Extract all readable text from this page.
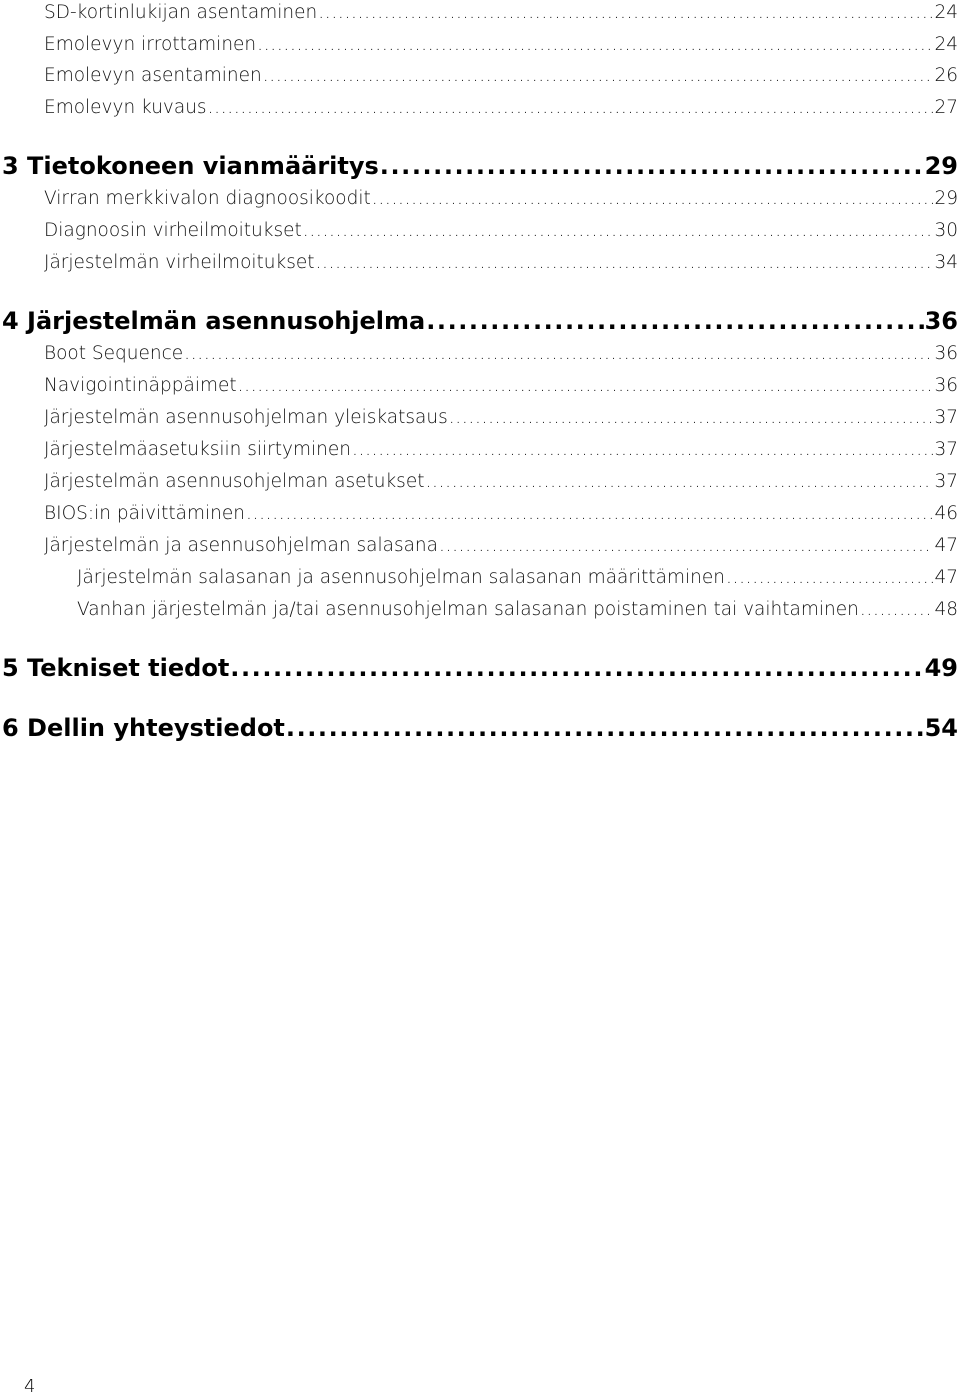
SD-kortinlukijan asentaminen . . .	24
Emolevyn irrottaminen . . .	24
Emolevyn asentaminen . . .	26
Emolevyn kuvaus . . .	27
3 Tietokoneen vianmääritys . . .	29
Virran merkkivalon diagnoosikoodit . . .	29
Diagnoosin virheilmoitukset . . .	30
Järjestelmän virheilmoitukset . . .	34
4 Järjestelmän asennusohjelma . . .	36
Boot Sequence . . .	36
Navigointinäppäimet . . .	36
Järjestelmän asennusohjelman yleiskatsaus . . .	37
Järjestelmäasetuksiin siirtyminen . . .	37
Järjestelmän asennusohjelman asetukset . . .	37
BIOS:in päivittäminen . . .	46
Järjestelmän ja asennusohjelman salasana . . .	47
Järjestelmän salasanan ja asennusohjelman salasanan määrittäminen . . .	47
Vanhan järjestelmän ja/tai asennusohjelman salasanan poistaminen tai vaihtaminen . . .	48
5 Tekniset tiedot . . .	49
6 Dellin yhteystiedot . . .	54
4
